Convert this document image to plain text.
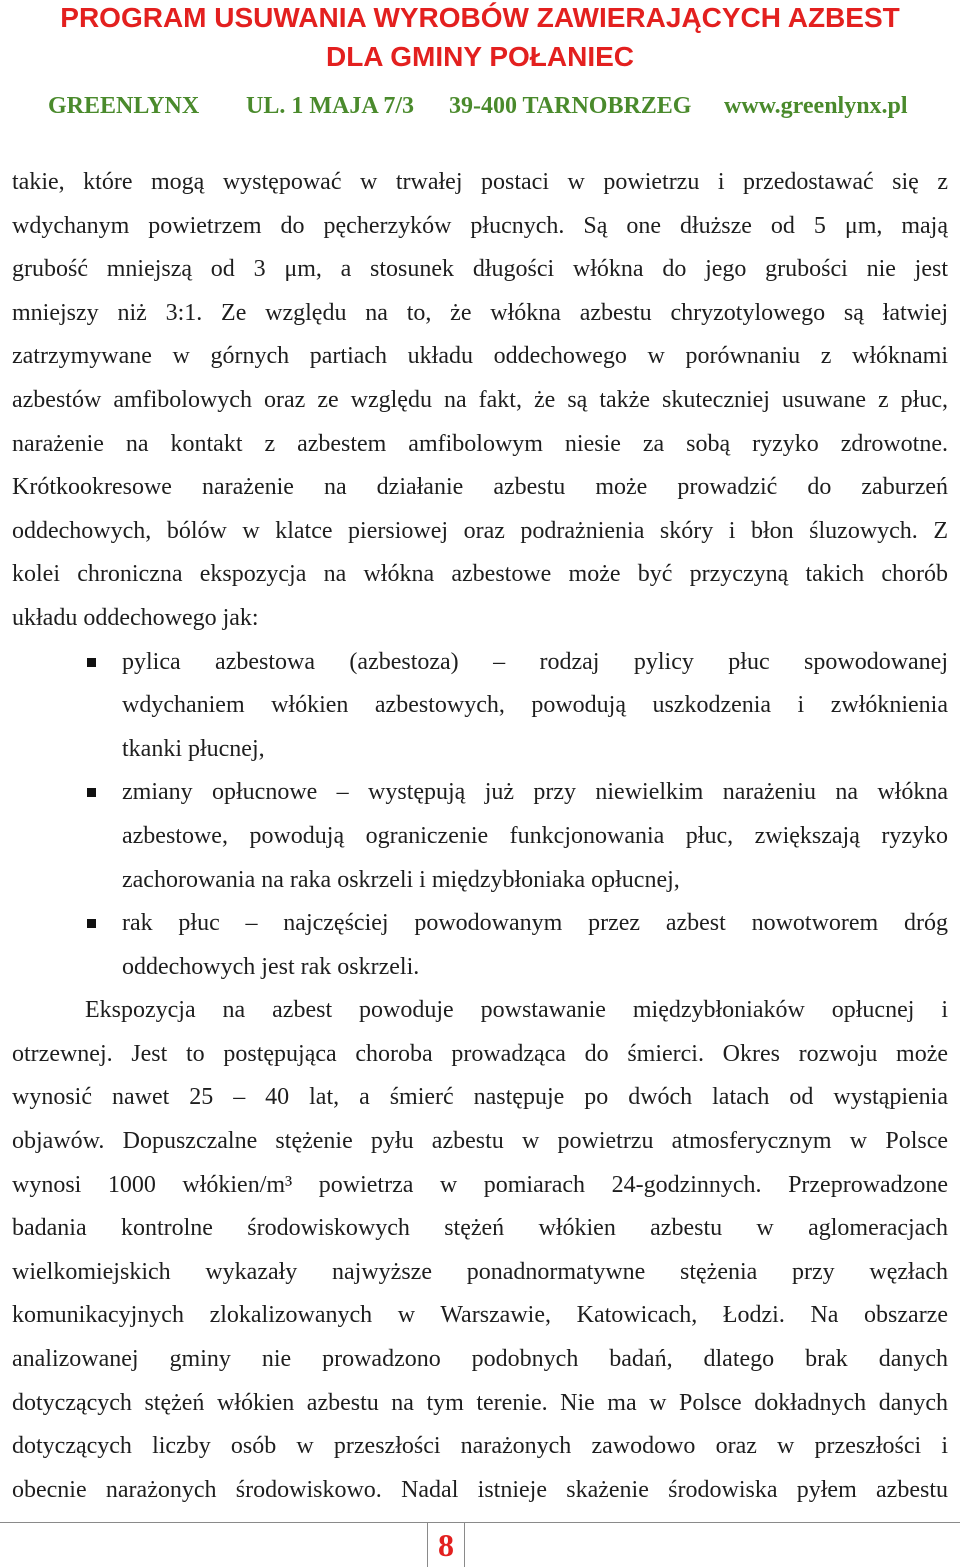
PROGRAM USUWANIA WYROBÓW ZAWIERAJĄCYCH AZBEST
DLA GMINY POŁANIEC
GREENLYNX UL. 1 MAJA 7/3 39-400 TARNOBRZEG www.greenlynx.pl
takie, które mogą występować w trwałej postaci w powietrzu i przedostawać się z
wdychanym powietrzem do pęcherzyków płucnych. Są one dłuższe od 5 μm, mają
grubość mniejszą od 3 μm, a stosunek długości włókna do jego grubości nie jest
mniejszy niż 3:1. Ze względu na to, że włókna azbestu chryzotylowego są łatwiej
zatrzymywane w górnych partiach układu oddechowego w porównaniu z włóknami
azbestów amfibolowych oraz ze względu na fakt, że są także skuteczniej usuwane z płuc,
narażenie na kontakt z azbestem amfibolowym niesie za sobą ryzyko zdrowotne.
Krótkookresowe narażenie na działanie azbestu może prowadzić do zaburzeń
oddechowych, bólów w klatce piersiowej oraz podrażnienia skóry i błon śluzowych. Z
kolei chroniczna ekspozycja na włókna azbestowe może być przyczyną takich chorób
układu oddechowego jak:
pylica azbestowa (azbestoza) – rodzaj pylicy płuc spowodowanej
wdychaniem włókien azbestowych, powodują uszkodzenia i zwłóknienia
tkanki płucnej,
zmiany opłucnowe – występują już przy niewielkim narażeniu na włókna
azbestowe, powodują ograniczenie funkcjonowania płuc, zwiększają ryzyko
zachorowania na raka oskrzeli i międzybłoniaka opłucnej,
rak płuc – najczęściej powodowanym przez azbest nowotworem dróg
oddechowych jest rak oskrzeli.
Ekspozycja na azbest powoduje powstawanie międzybłoniaków opłucnej i
otrzewnej. Jest to postępująca choroba prowadząca do śmierci. Okres rozwoju może
wynosić nawet 25 – 40 lat, a śmierć następuje po dwóch latach od wystąpienia
objawów. Dopuszczalne stężenie pyłu azbestu w powietrzu atmosferycznym w Polsce
wynosi 1000 włókien/m³ powietrza w pomiarach 24-godzinnych. Przeprowadzone
badania kontrolne środowiskowych stężeń włókien azbestu w aglomeracjach
wielkomiejskich wykazały najwyższe ponadnormatywne stężenia przy węzłach
komunikacyjnych zlokalizowanych w Warszawie, Katowicach, Łodzi. Na obszarze
analizowanej gminy nie prowadzono podobnych badań, dlatego brak danych
dotyczących stężeń włókien azbestu na tym terenie. Nie ma w Polsce dokładnych danych
dotyczących liczby osób w przeszłości narażonych zawodowo oraz w przeszłości i
obecnie narażonych środowiskowo. Nadal istnieje skażenie środowiska pyłem azbestu
8
